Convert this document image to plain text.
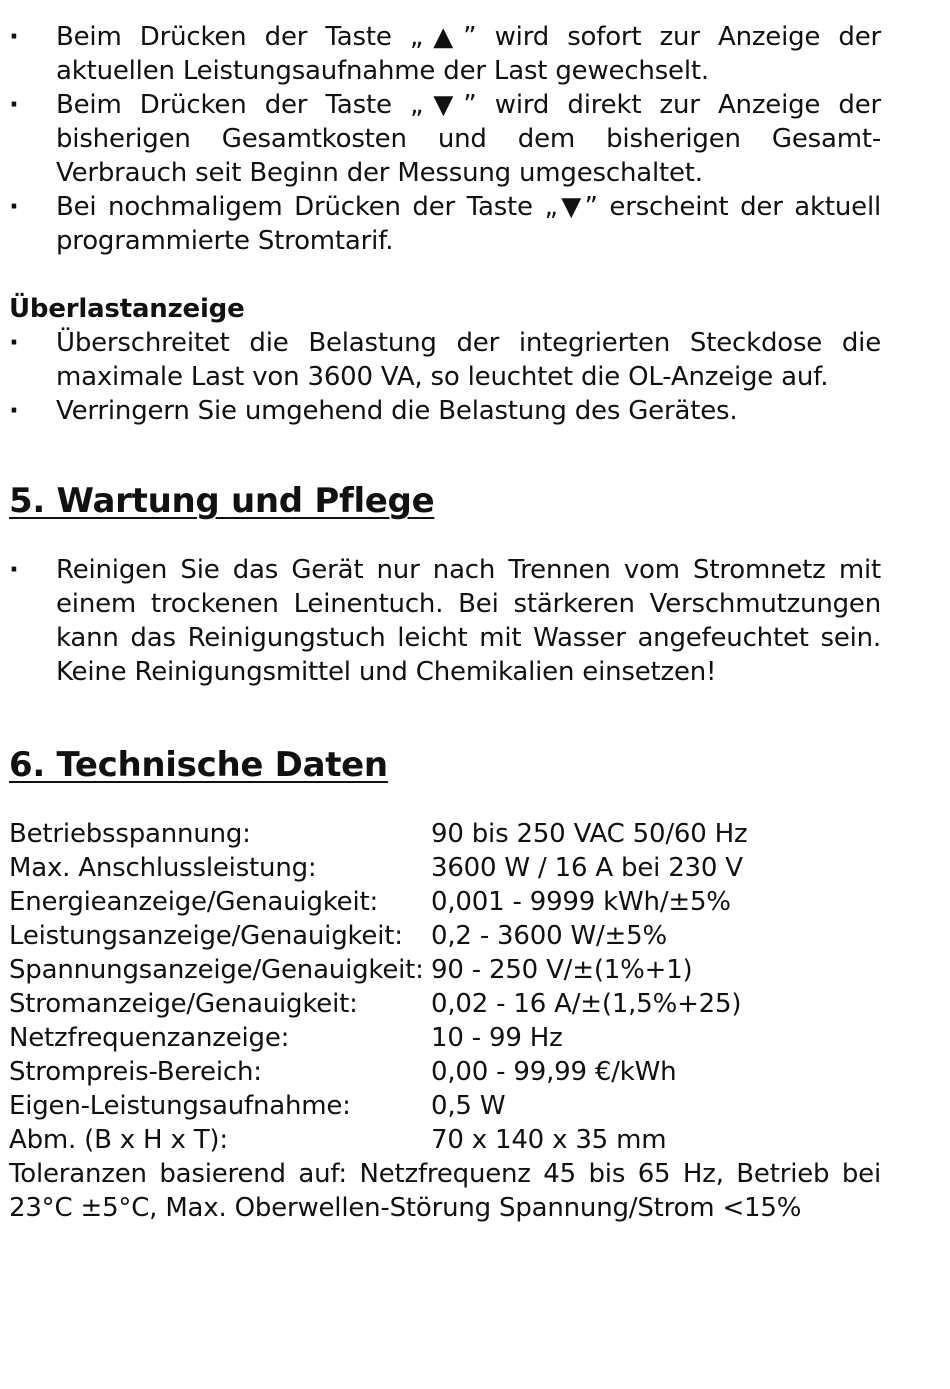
· Beim Drücken der Taste „▲” wird sofort zur Anzeige der aktuellen Leistungsaufnahme der Last gewechselt.
· Beim Drücken der Taste „▼” wird direkt zur Anzeige der bisherigen Gesamtkosten und dem bisherigen Gesamt-Verbrauch seit Beginn der Messung umgeschaltet.
· Bei nochmaligem Drücken der Taste „▼” erscheint der aktuell programmierte Stromtarif.
Überlastanzeige
· Überschreitet die Belastung der integrierten Steckdose die maximale Last von 3600 VA, so leuchtet die OL-Anzeige auf.
· Verringern Sie umgehend die Belastung des Gerätes.
5. Wartung und Pflege
· Reinigen Sie das Gerät nur nach Trennen vom Stromnetz mit einem trockenen Leinentuch. Bei stärkeren Verschmutzungen kann das Reinigungstuch leicht mit Wasser angefeuchtet sein. Keine Reinigungsmittel und Chemikalien einsetzen!
6. Technische Daten
Betriebsspannung:	90 bis 250 VAC 50/60 Hz
Max. Anschlussleistung:	3600 W / 16 A bei 230 V
Energieanzeige/Genauigkeit:	0,001 - 9999 kWh/±5%
Leistungsanzeige/Genauigkeit:	0,2 - 3600 W/±5%
Spannungsanzeige/Genauigkeit: 90 - 250 V/±(1%+1)
Stromanzeige/Genauigkeit:	0,02 - 16 A/±(1,5%+25)
Netzfrequenzanzeige:	10 - 99 Hz
Strompreis-Bereich:	0,00 - 99,99 €/kWh
Eigen-Leistungsaufnahme:	0,5 W
Abm. (B x H x T):	70 x 140 x 35 mm
Toleranzen basierend auf: Netzfrequenz 45 bis 65 Hz, Betrieb bei 23°C ±5°C, Max. Oberwellen-Störung Spannung/Strom <15%
